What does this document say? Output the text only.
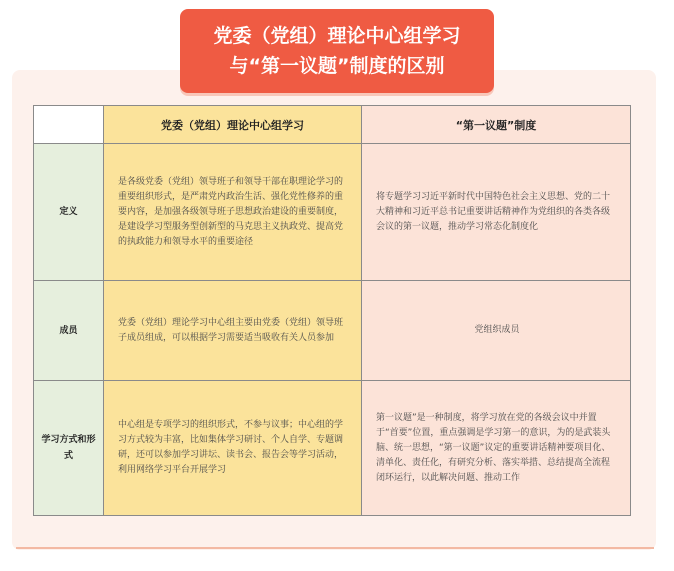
党委（党组）理论中心组学习
与“第一议题”制度的区别
党委（党组）理论中心组学习	“第一议题”制度
定义
是各级党委（党组）领导班子和领导干部在职理论学习的重要组织形式，是严肃党内政治生活、强化党性修养的重要内容，是加强各级领导班子思想政治建设的重要制度，是建设学习型服务型创新型的马克思主义执政党、提高党的执政能力和领导水平的重要途径
将专题学习习近平新时代中国特色社会主义思想、党的二十大精神和习近平总书记重要讲话精神作为党组织的各类各级会议的第一议题，推动学习常态化制度化
成员
党委（党组）理论学习中心组主要由党委（党组）领导班子成员组成，可以根据学习需要适当吸收有关人员参加
党组织成员
学习方式和形式
中心组是专项学习的组织形式，不参与议事；中心组的学习方式较为丰富，比如集体学习研讨、个人自学、专题调研，还可以参加学习讲坛、读书会、报告会等学习活动，利用网络学习平台开展学习
第一议题”是一种制度，将学习放在党的各级会议中并置于“首要”位置，重点强调是学习第一的意识，为的是武装头脑、统一思想，“第一议题”议定的重要讲话精神要项目化、清单化、责任化，有研究分析、落实举措、总结提高全流程闭环运行，以此解决问题、推动工作
